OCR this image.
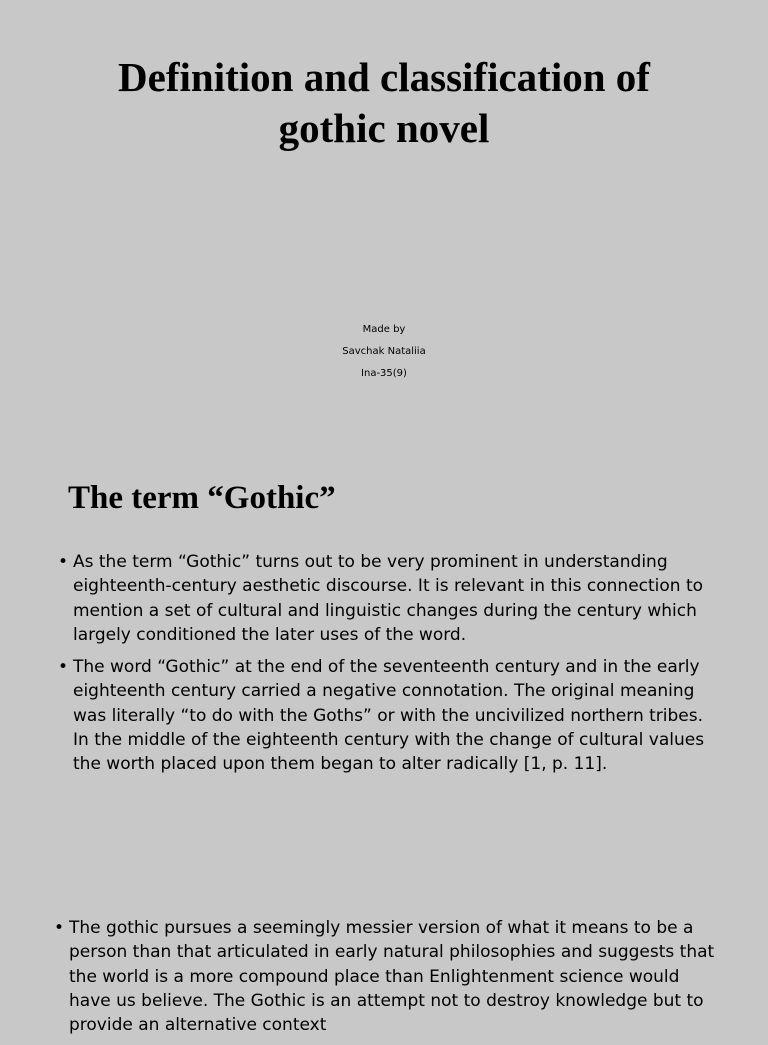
Definition and classification of gothic novel
Made by
Savchak Nataliia
Ina-35(9)
The term “Gothic”
• As the term “Gothic” turns out to be very prominent in understanding eighteenth-century aesthetic discourse. It is relevant in this connection to mention a set of cultural and linguistic changes during the century which largely conditioned the later uses of the word.
• The word “Gothic” at the end of the seventeenth century and in the early eighteenth century carried a negative connotation. The original meaning was literally “to do with the Goths” or with the uncivilized northern tribes. In the middle of the eighteenth century with the change of cultural values the worth placed upon them began to alter radically [1, p. 11].
• The gothic pursues a seemingly messier version of what it means to be a person than that articulated in early natural philosophies and suggests that the world is a more compound place than Enlightenment science would have us believe. The Gothic is an attempt not to destroy knowledge but to provide an alternative context
